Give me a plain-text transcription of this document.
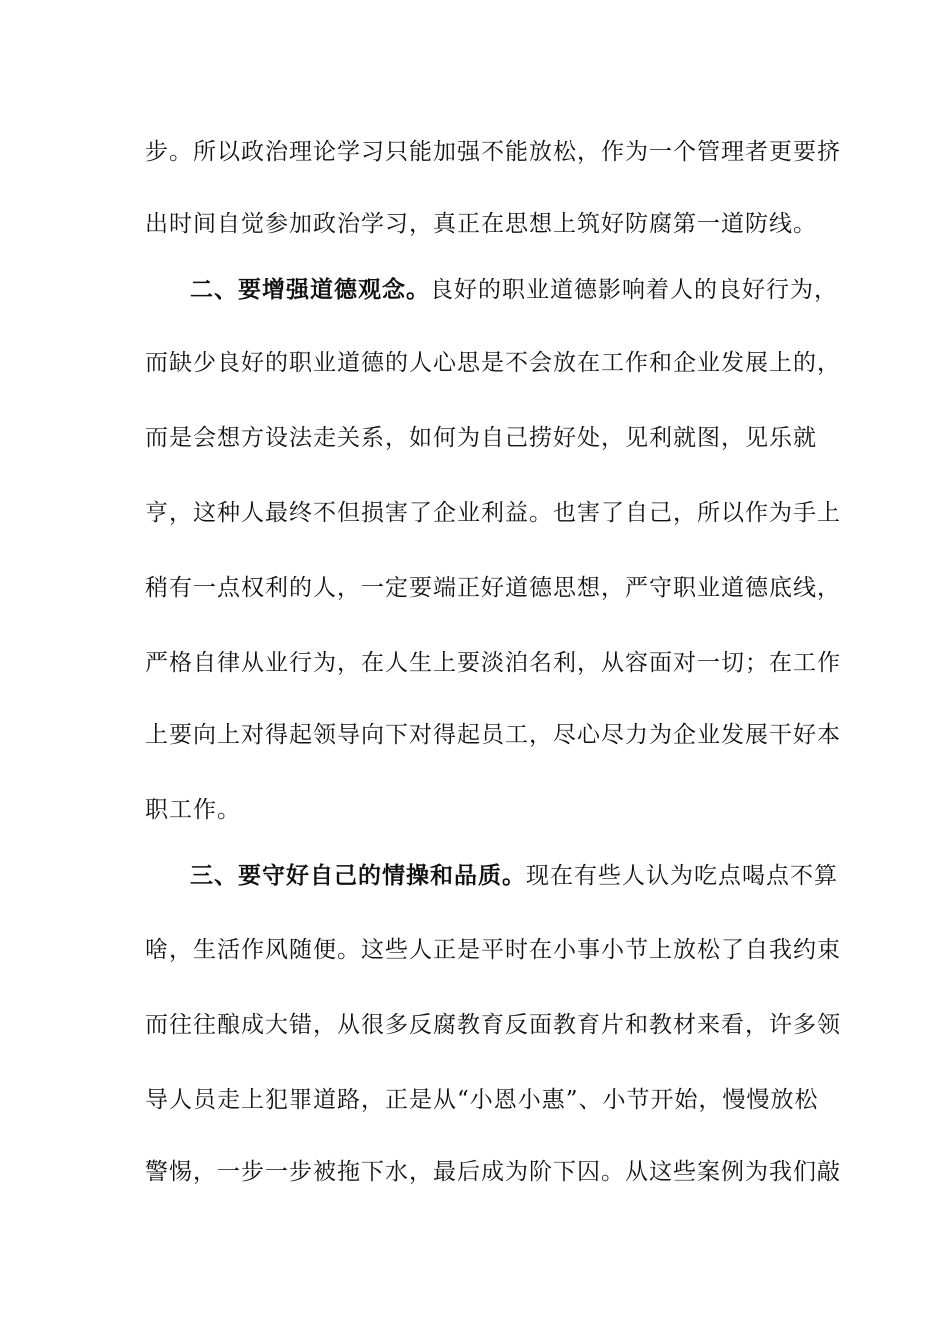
步。所以政治理论学习只能加强不能放松，作为一个管理者更要挤
出时间自觉参加政治学习，真正在思想上筑好防腐第一道防线。
二、要增强道德观念。良好的职业道德影响着人的良好行为，
而缺少良好的职业道德的人心思是不会放在工作和企业发展上的，
而是会想方设法走关系，如何为自己捞好处，见利就图，见乐就
亨，这种人最终不但损害了企业利益。也害了自己，所以作为手上
稍有一点权利的人，一定要端正好道德思想，严守职业道德底线，
严格自律从业行为，在人生上要淡泊名利，从容面对一切；在工作
上要向上对得起领导向下对得起员工，尽心尽力为企业发展干好本
职工作。
三、要守好自己的情操和品质。现在有些人认为吃点喝点不算
啥，生活作风随便。这些人正是平时在小事小节上放松了自我约束
而往往酿成大错，从很多反腐教育反面教育片和教材来看，许多领
导人员走上犯罪道路，正是从“小恩小惠”、小节开始，慢慢放松
警惕，一步一步被拖下水，最后成为阶下囚。从这些案例为我们敲
